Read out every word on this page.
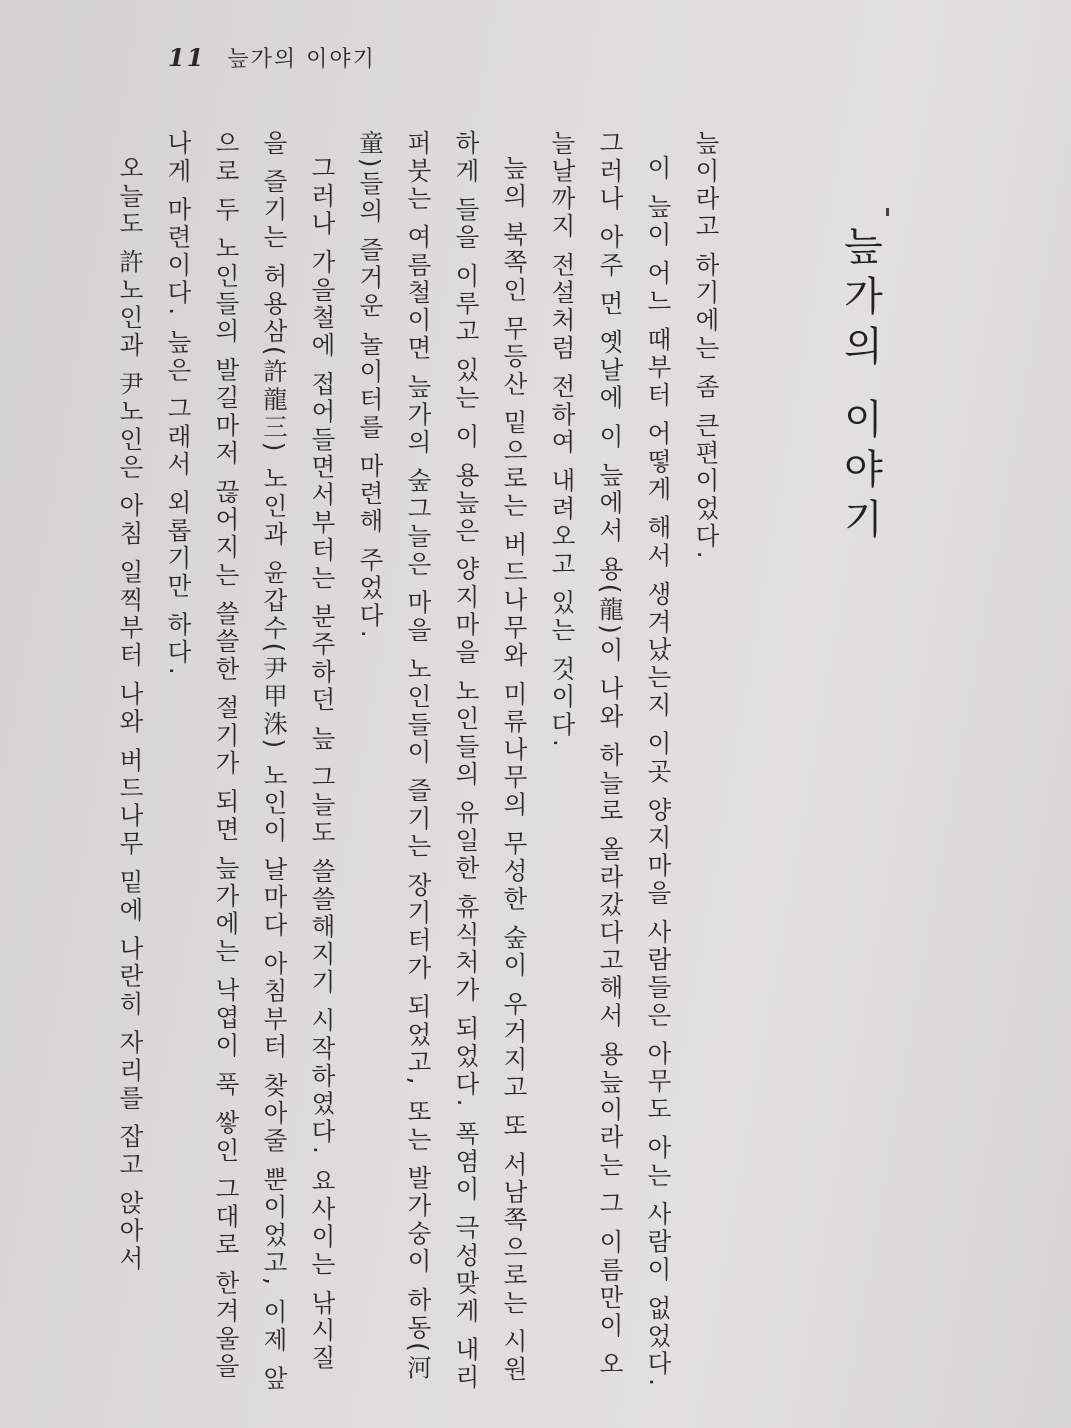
11 늪가의 이야기
늪가의 이야기

늪이라고 하기에는 좀 큰편이었다.

이 늪이 어느 때부터 어떻게 해서 생겨났는지 이곳 양지마을 사람들은 아무도 아는 사람이 없었다. 그러나 아주 먼 옛날에 이 늪에서 용(龍)이 나와 하늘로 올라갔다고해서 용늪이라는 그 이름만이 오늘날까지 전설처럼 전하여 내려오고 있는 것이다.

늪의 북쪽인 무등산 밑으로는 버드나무와 미류나무의 무성한 숲이 우거지고 또 서남쪽으로는 시원하게 들을 이루고 있는 이 용늪은 양지마을 노인들의 유일한 휴식처가 되었다. 폭염이 극성맞게 내리퍼붓는 여름철이면 늪가의 숲그늘은 마을 노인들이 즐기는 장기터가 되었고, 또는 발가숭이 하동(河童)들의 즐거운 놀이터를 마련해 주었다.

그러나 가을철에 접어들면서부터는 분주하던 늪 그늘도 쓸쓸해지기 시작하였다. 요사이는 낚시질을 즐기는 허용삼(許龍三) 노인과 윤갑수(尹甲洙) 노인이 날마다 아침부터 찾아줄 뿐이었고, 이제 앞으로 두 노인들의 발길마저 끊어지는 쓸쓸한 절기가 되면 늪가에는 낙엽이 푹 쌓인 그대로 한겨울을 나게 마련이다. 늪은 그래서 외롭기만 하다.

오늘도 許노인과 尹노인은 아침 일찍부터 나와 버드나무 밑에 나란히 자리를 잡고 앉아서
